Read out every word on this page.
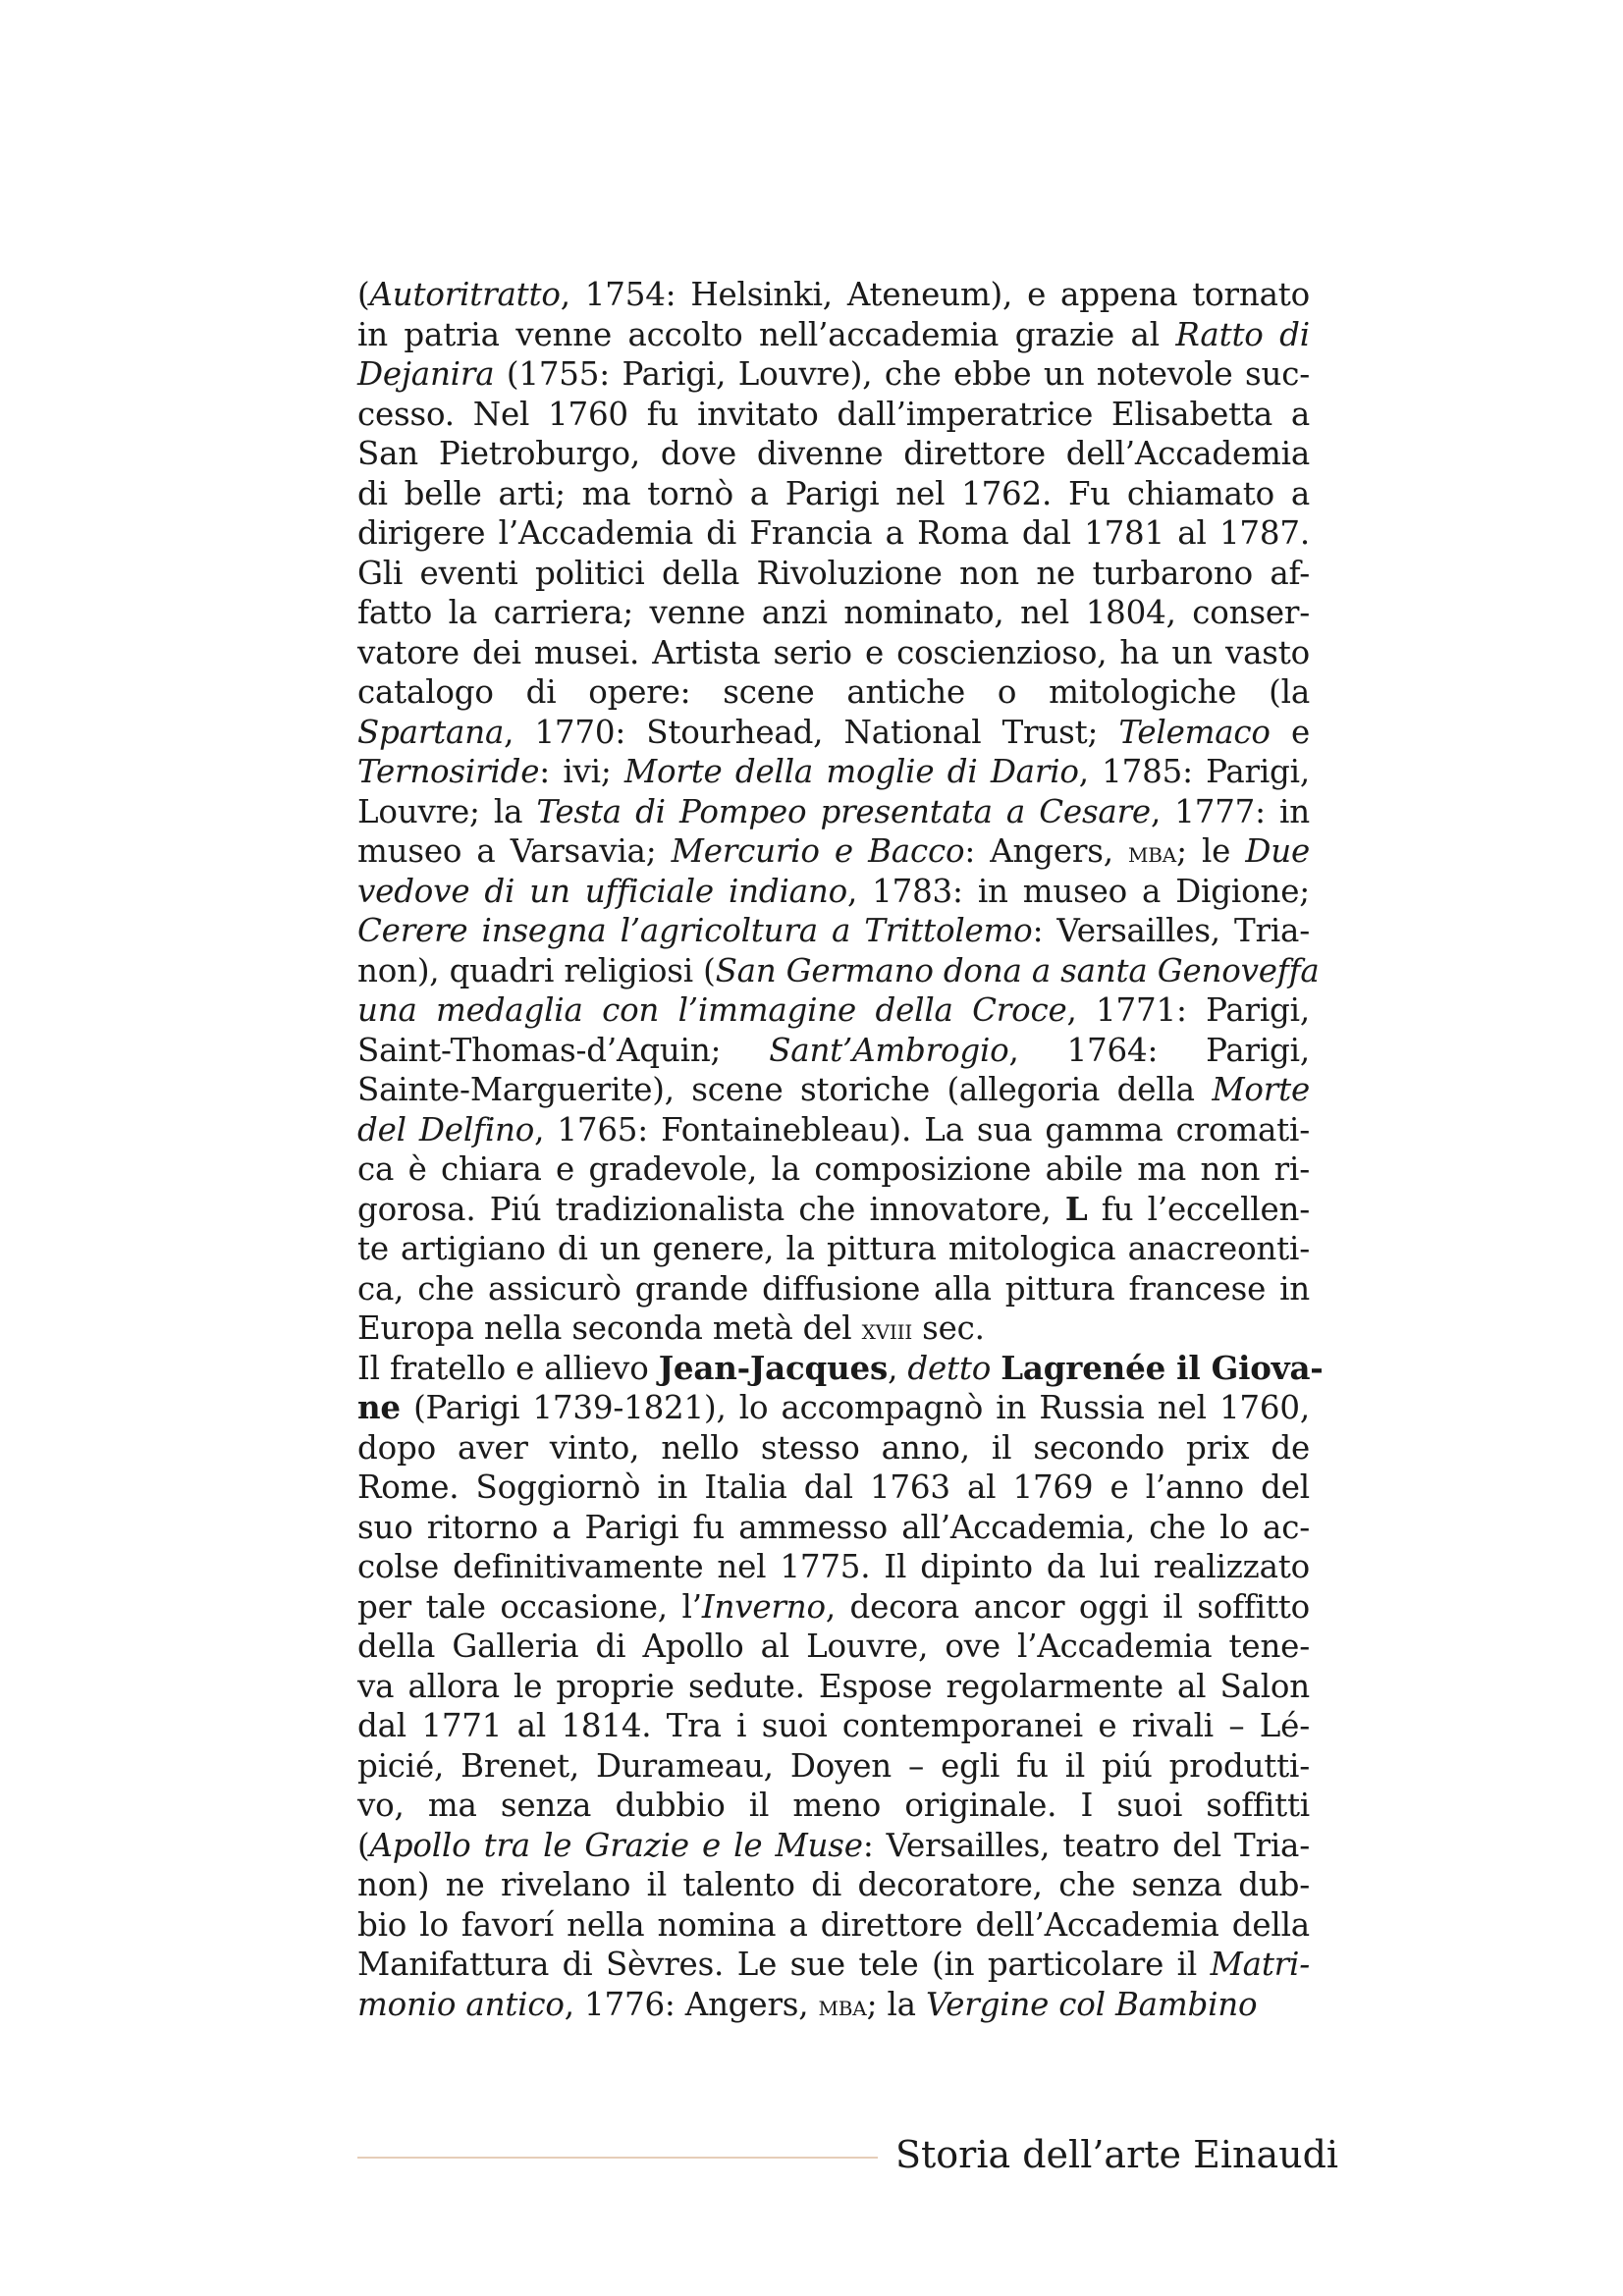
(Autoritratto, 1754: Helsinki, Ateneum), e appena tornato
in patria venne accolto nell’accademia grazie al Ratto di
Dejanira (1755: Parigi, Louvre), che ebbe un notevole suc-
cesso. Nel 1760 fu invitato dall’imperatrice Elisabetta a
San Pietroburgo, dove divenne direttore dell’Accademia
di belle arti; ma tornò a Parigi nel 1762. Fu chiamato a
dirigere l’Accademia di Francia a Roma dal 1781 al 1787.
Gli eventi politici della Rivoluzione non ne turbarono af-
fatto la carriera; venne anzi nominato, nel 1804, conser-
vatore dei musei. Artista serio e coscienzioso, ha un vasto
catalogo di opere: scene antiche o mitologiche (la
Spartana, 1770: Stourhead, National Trust; Telemaco e
Ternosiride: ivi; Morte della moglie di Dario, 1785: Parigi,
Louvre; la Testa di Pompeo presentata a Cesare, 1777: in
museo a Varsavia; Mercurio e Bacco: Angers, mba; le Due
vedove di un ufficiale indiano, 1783: in museo a Digione;
Cerere insegna l’agricoltura a Trittolemo: Versailles, Tria-
non), quadri religiosi (San Germano dona a santa Genoveffa
una medaglia con l’immagine della Croce, 1771: Parigi,
Saint-Thomas-d’Aquin; Sant’Ambrogio, 1764: Parigi,
Sainte-Marguerite), scene storiche (allegoria della Morte
del Delfino, 1765: Fontainebleau). La sua gamma cromati-
ca è chiara e gradevole, la composizione abile ma non ri-
gorosa. Piú tradizionalista che innovatore, L fu l’eccellen-
te artigiano di un genere, la pittura mitologica anacreonti-
ca, che assicurò grande diffusione alla pittura francese in
Europa nella seconda metà del xviii sec.
Il fratello e allievo Jean-Jacques, detto Lagrenée il Giova-
ne (Parigi 1739-1821), lo accompagnò in Russia nel 1760,
dopo aver vinto, nello stesso anno, il secondo prix de
Rome. Soggiornò in Italia dal 1763 al 1769 e l’anno del
suo ritorno a Parigi fu ammesso all’Accademia, che lo ac-
colse definitivamente nel 1775. Il dipinto da lui realizzato
per tale occasione, l’Inverno, decora ancor oggi il soffitto
della Galleria di Apollo al Louvre, ove l’Accademia tene-
va allora le proprie sedute. Espose regolarmente al Salon
dal 1771 al 1814. Tra i suoi contemporanei e rivali – Lé-
picié, Brenet, Durameau, Doyen – egli fu il piú produtti-
vo, ma senza dubbio il meno originale. I suoi soffitti
(Apollo tra le Grazie e le Muse: Versailles, teatro del Tria-
non) ne rivelano il talento di decoratore, che senza dub-
bio lo favorí nella nomina a direttore dell’Accademia della
Manifattura di Sèvres. Le sue tele (in particolare il Matri-
monio antico, 1776: Angers, mba; la Vergine col Bambino
Storia dell’arte Einaudi
